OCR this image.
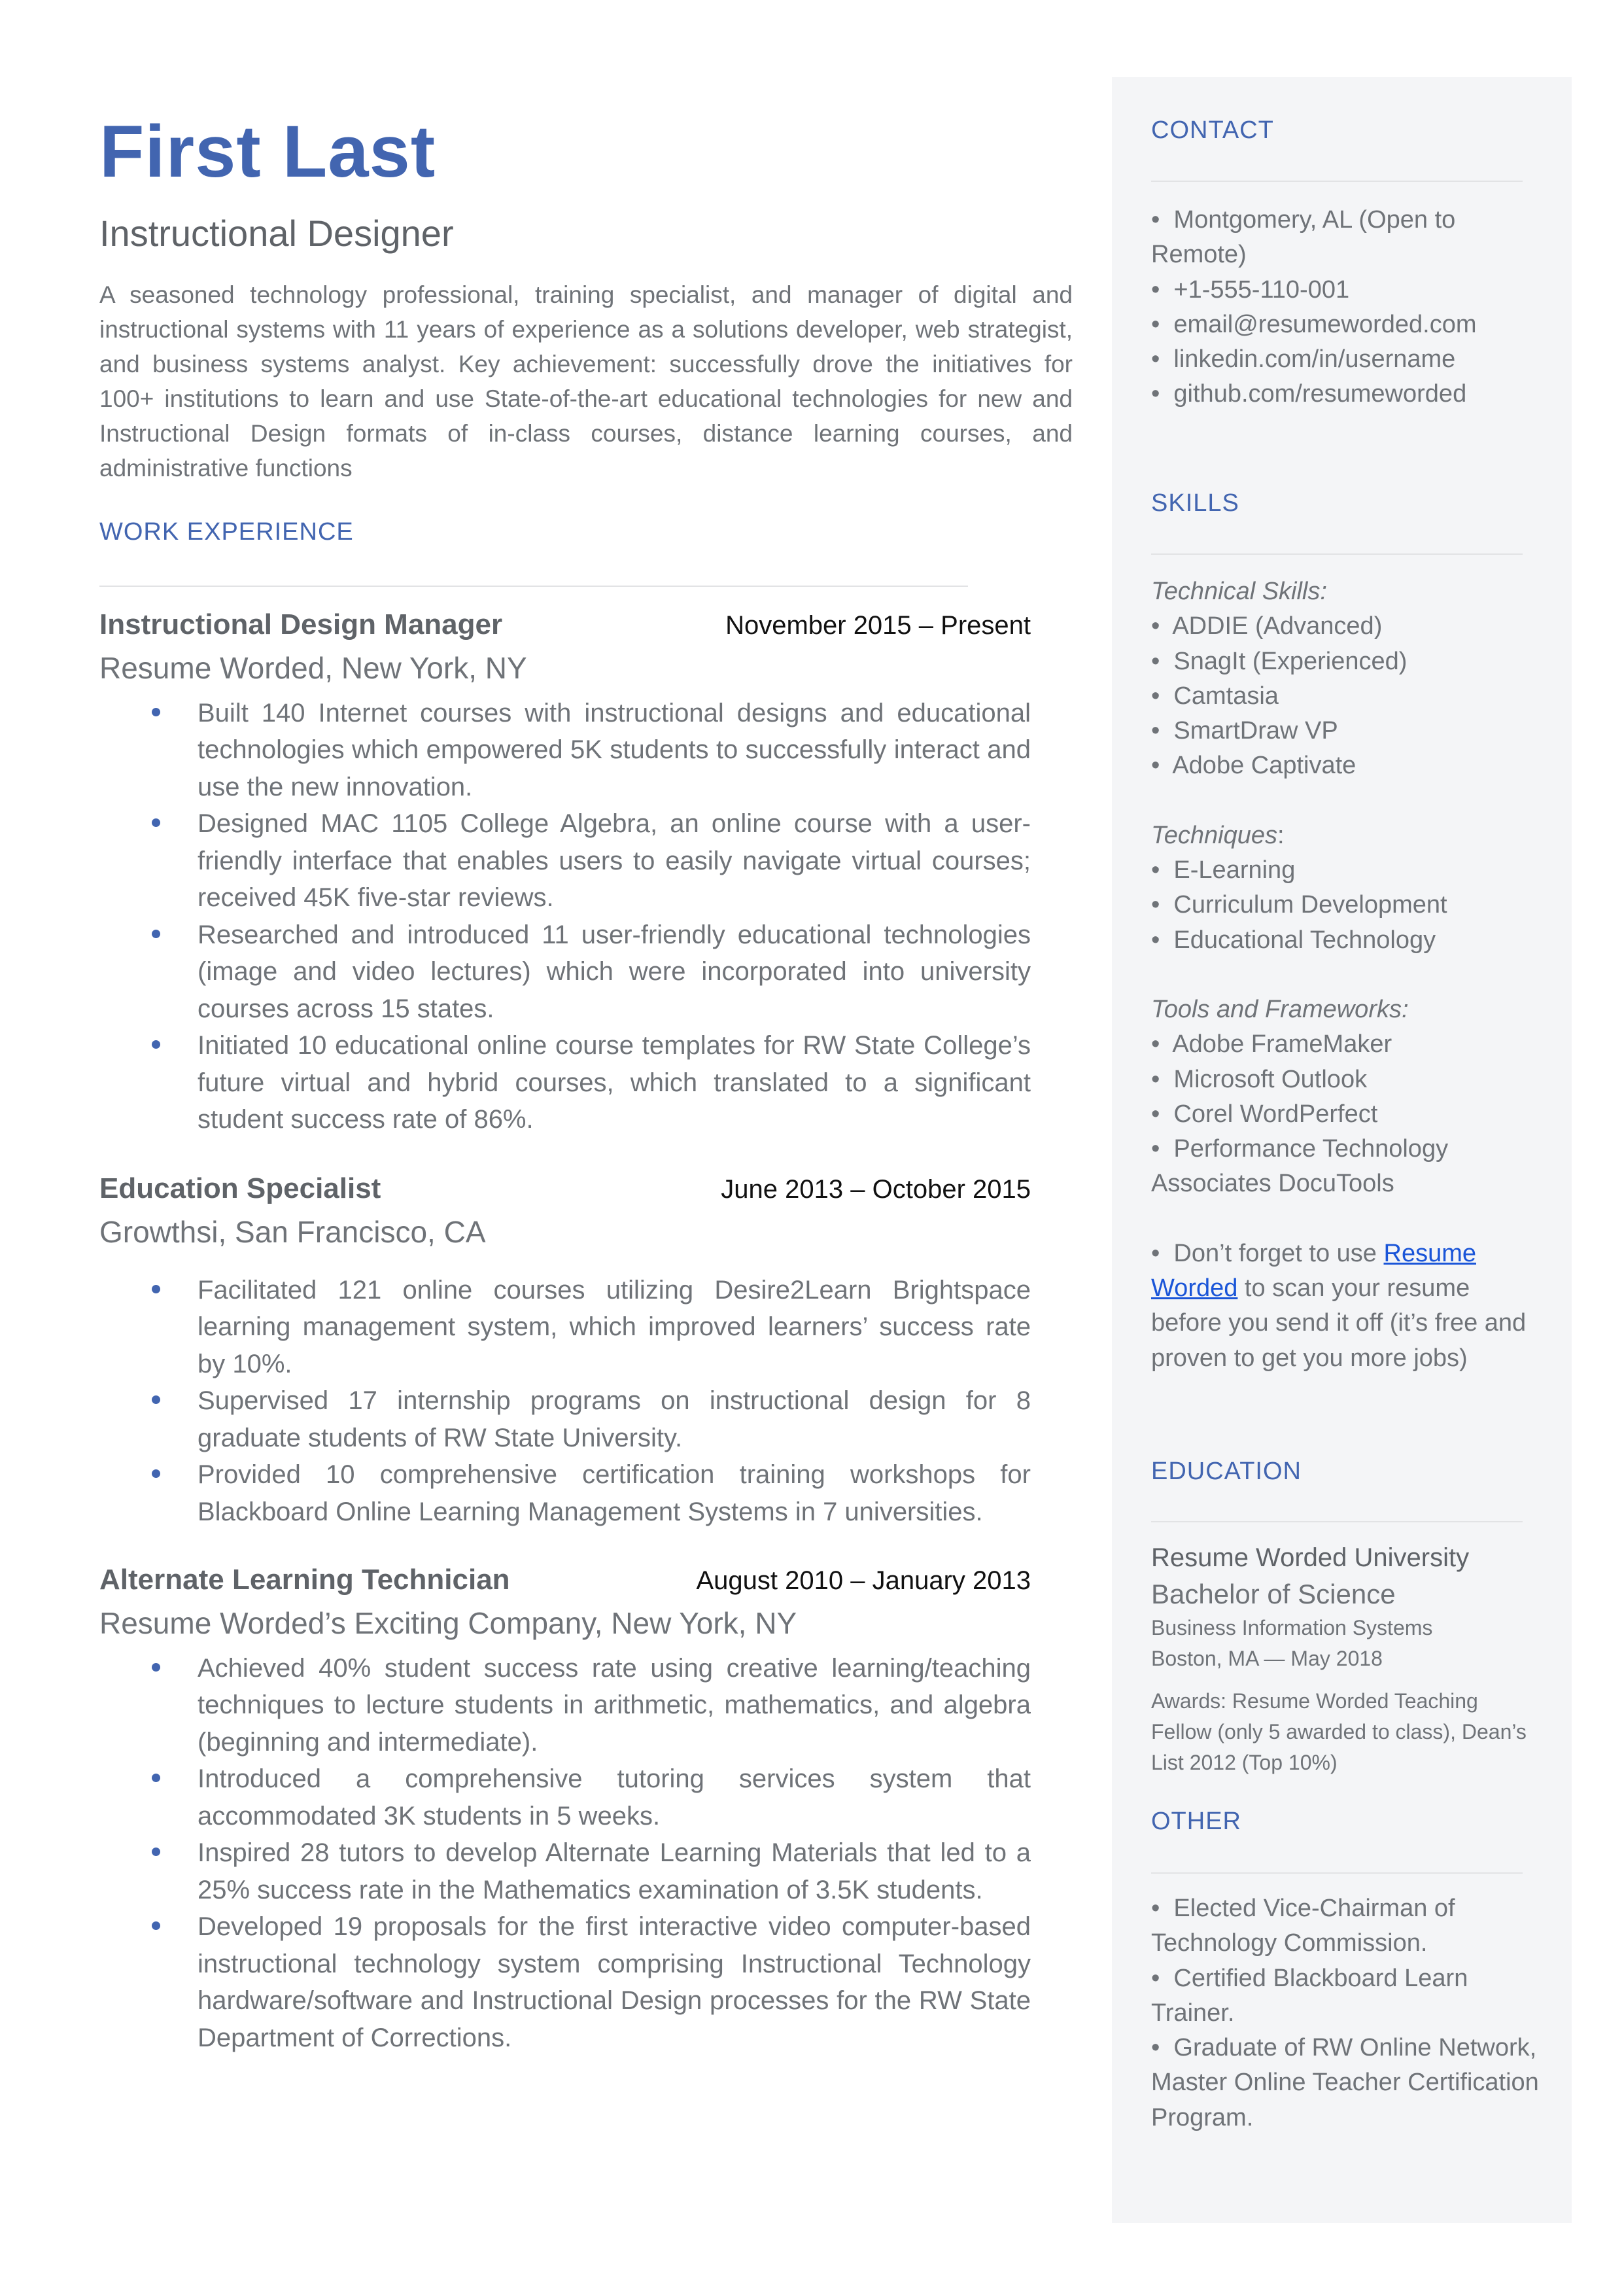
First Last
Instructional Designer
A seasoned technology professional, training specialist, and manager of digital and instructional systems with 11 years of experience as a solutions developer, web strategist, and business systems analyst. Key achievement: successfully drove the initiatives for 100+ institutions to learn and use State-of-the-art educational technologies for new and Instructional Design formats of in-class courses, distance learning courses, and administrative functions
WORK EXPERIENCE
Instructional Design Manager	November 2015 – Present
Resume Worded, New York, NY
Built 140 Internet courses with instructional designs and educational technologies which empowered 5K students to successfully interact and use the new innovation.
Designed MAC 1105 College Algebra, an online course with a user-friendly interface that enables users to easily navigate virtual courses; received 45K five-star reviews.
Researched and introduced 11 user-friendly educational technologies (image and video lectures) which were incorporated into university courses across 15 states.
Initiated 10 educational online course templates for RW State College’s future virtual and hybrid courses, which translated to a significant student success rate of 86%.
Education Specialist	June 2013 – October 2015
Growthsi, San Francisco, CA
Facilitated 121 online courses utilizing Desire2Learn Brightspace learning management system, which improved learners’ success rate by 10%.
Supervised 17 internship programs on instructional design for 8 graduate students of RW State University.
Provided 10 comprehensive certification training workshops for Blackboard Online Learning Management Systems in 7 universities.
Alternate Learning Technician	August 2010 – January 2013
Resume Worded’s Exciting Company, New York, NY
Achieved 40% student success rate using creative learning/teaching techniques to lecture students in arithmetic, mathematics, and algebra (beginning and intermediate).
Introduced a comprehensive tutoring services system that accommodated 3K students in 5 weeks.
Inspired 28 tutors to develop Alternate Learning Materials that led to a 25% success rate in the Mathematics examination of 3.5K students.
Developed 19 proposals for the first interactive video computer-based instructional technology system comprising Instructional Technology hardware/software and Instructional Design processes for the RW State Department of Corrections.
CONTACT
•  Montgomery, AL (Open to Remote)
•  +1-555-110-001
•  email@resumeworded.com
•  linkedin.com/in/username
•  github.com/resumeworded
SKILLS
Technical Skills:
•  ADDIE (Advanced)
•  SnagIt (Experienced)
•  Camtasia
•  SmartDraw VP
•  Adobe Captivate
Techniques:
•  E-Learning
•  Curriculum Development
•  Educational Technology
Tools and Frameworks:
•  Adobe FrameMaker
•  Microsoft Outlook
•  Corel WordPerfect
•  Performance Technology Associates DocuTools
•  Don’t forget to use Resume Worded to scan your resume before you send it off (it’s free and proven to get you more jobs)
EDUCATION
Resume Worded University
Bachelor of Science
Business Information Systems
Boston, MA — May 2018
Awards: Resume Worded Teaching Fellow (only 5 awarded to class), Dean’s List 2012 (Top 10%)
OTHER
•  Elected Vice-Chairman of Technology Commission.
•  Certified Blackboard Learn Trainer.
•  Graduate of RW Online Network, Master Online Teacher Certification Program.
